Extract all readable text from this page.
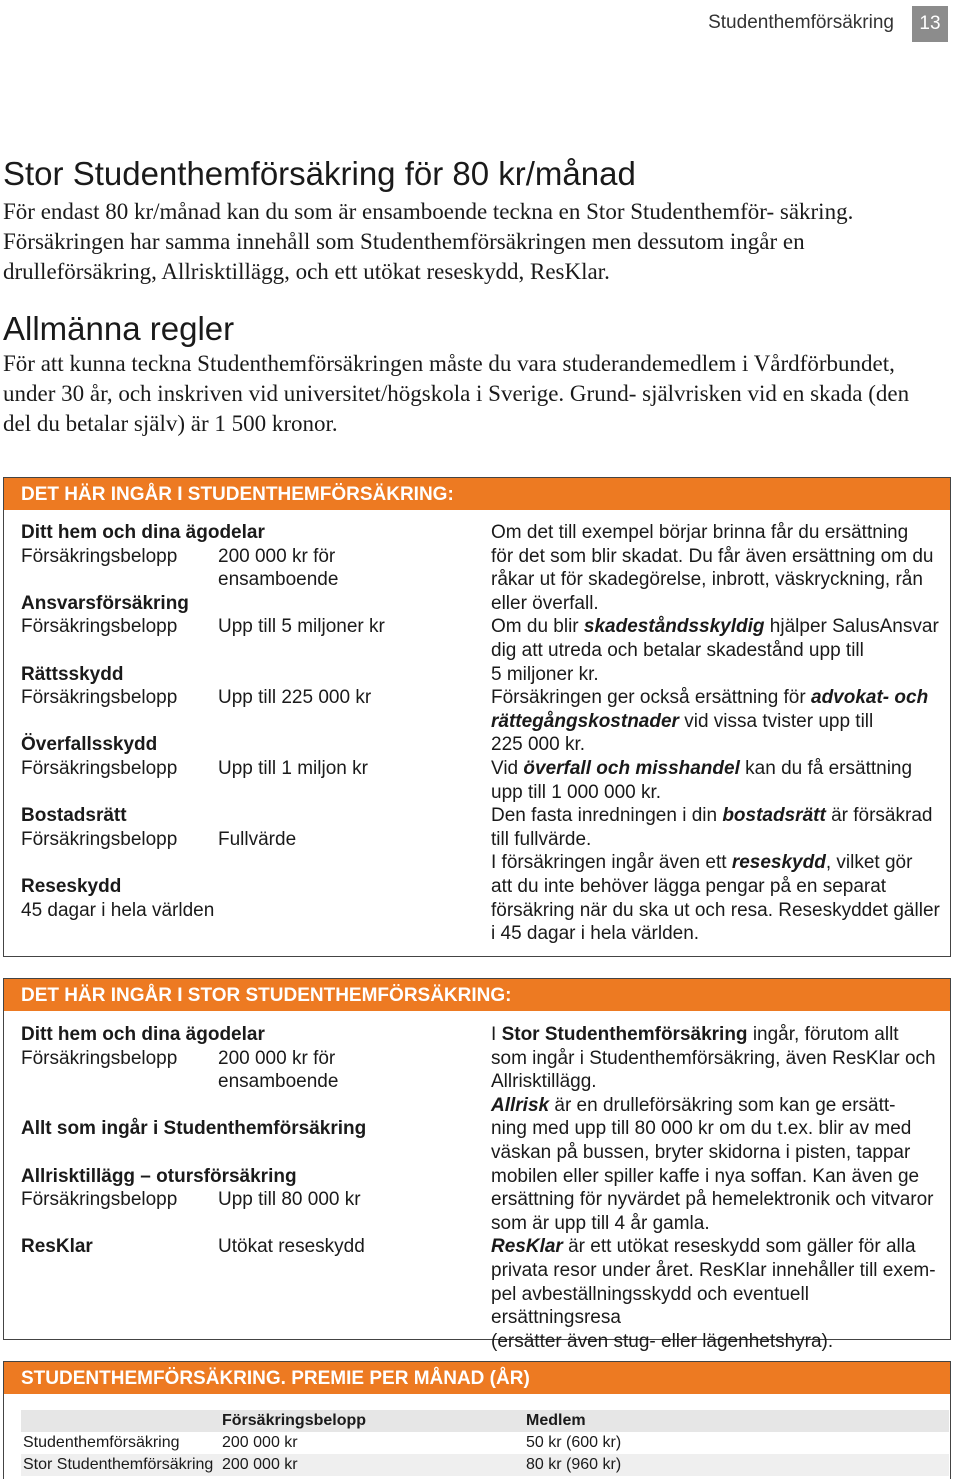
Studenthemförsäkring	13
Stor Studenthemförsäkring för 80 kr/månad

För endast 80 kr/månad kan du som är ensamboende teckna en Stor Studenthemför- säkring. Försäkringen har samma innehåll som Studenthemförsäkringen men dessutom ingår en drulleförsäkring, Allrisktillägg, och ett utökat reseskydd, ResKlar.

Allmänna regler

För att kunna teckna Studenthemförsäkringen måste du vara studerandemedlem i Vårdförbundet, under 30 år, och inskriven vid universitet/högskola i Sverige. Grund- självrisken vid en skada (den del du betalar själv) är 1 500 kronor.

DET HÄR INGÅR I STUDENTHEMFÖRSÄKRING:
Ditt hem och dina ägodelar
Försäkringsbelopp	200 000 kr för
ensamboende
Ansvarsförsäkring
Försäkringsbelopp	Upp till 5 miljoner kr
Rättsskydd
Försäkringsbelopp	Upp till 225 000 kr
Överfallsskydd
Försäkringsbelopp	Upp till 1 miljon kr
Bostadsrätt
Försäkringsbelopp	Fullvärde
Reseskydd
45 dagar i hela världen

Om det till exempel börjar brinna får du ersättning
för det som blir skadat. Du får även ersättning om du
råkar ut för skadegörelse, inbrott, väskryckning, rån
eller överfall.

Om du blir skadeståndsskyldig hjälper SalusAnsvar
dig att utreda och betalar skadestånd upp till
5 miljoner kr.

Försäkringen ger också ersättning för advokat- och
rättegångskostnader vid vissa tvister upp till
225 000 kr.

Vid överfall och misshandel kan du få ersättning
upp till 1 000 000 kr.

Den fasta inredningen i din bostadsrätt är försäkrad
till fullvärde.

I försäkringen ingår även ett reseskydd, vilket gör
att du inte behöver lägga pengar på en separat
försäkring när du ska ut och resa. Reseskyddet gäller
i 45 dagar i hela världen.

DET HÄR INGÅR I STOR STUDENTHEMFÖRSÄKRING:
Ditt hem och dina ägodelar
Försäkringsbelopp	200 000 kr för
ensamboende
Allt som ingår i Studenthemförsäkring
Allrisktillägg – otursförsäkring
Försäkringsbelopp	Upp till 80 000 kr
ResKlar	Utökat reseskydd

I Stor Studenthemförsäkring ingår, förutom allt
som ingår i Studenthemförsäkring, även ResKlar och
Allrisktillägg.

Allrisk är en drulleförsäkring som kan ge ersätt-
ning med upp till 80 000 kr om du t.ex. blir av med
väskan på bussen, bryter skidorna i pisten, tappar
mobilen eller spiller kaffe i nya soffan. Kan även ge
ersättning för nyvärdet på hemelektronik och vitvaror
som är upp till 4 år gamla.

ResKlar är ett utökat reseskydd som gäller för alla
privata resor under året. ResKlar innehåller till exem-
pel avbeställningsskydd och eventuell ersättningsresa
(ersätter även stug- eller lägenhetshyra).

STUDENTHEMFÖRSÄKRING. PREMIE PER MÅNAD (ÅR)
	Försäkringsbelopp	Medlem
Studenthemförsäkring	200 000 kr	50 kr (600 kr)
Stor Studenthemförsäkring	200 000 kr	80 kr (960 kr)
